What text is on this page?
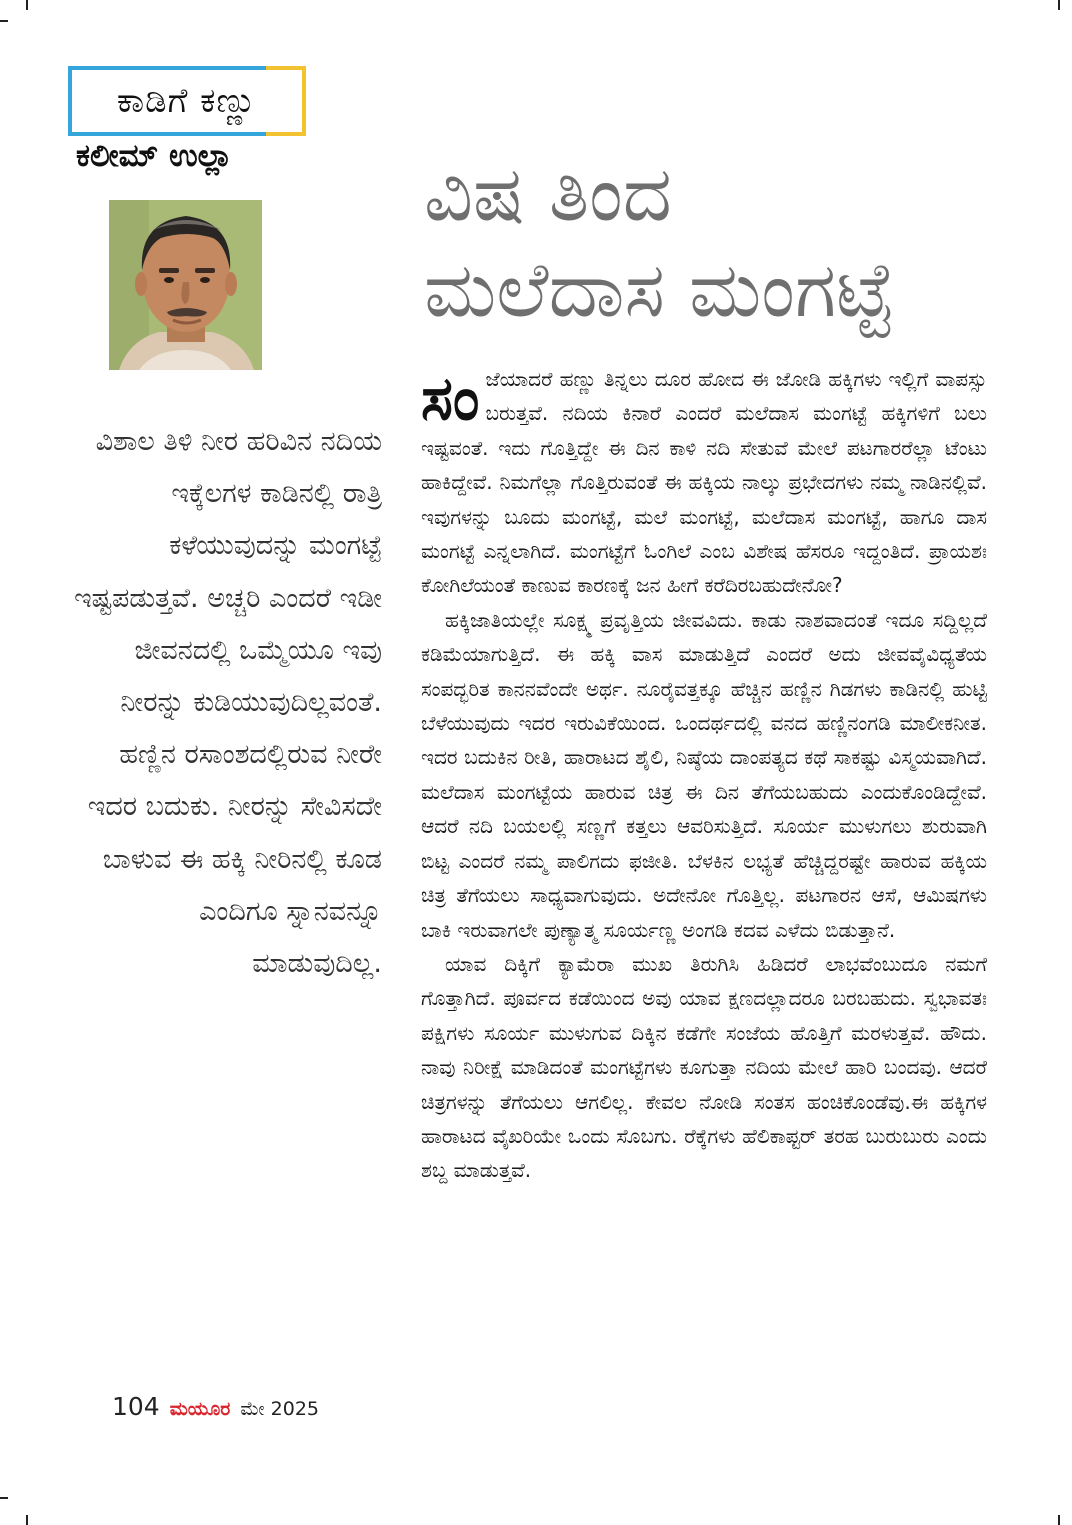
ಕಾಡಿಗೆ ಕಣ್ಣು
ಕಲೀಮ್ ಉಲ್ಲಾ	ವಿಷ ತಿಂದ
ಮಲೆದಾಸ ಮಂಗಟ್ಟೆ
ವಿಶಾಲ ತಿಳಿ ನೀರ ಹರಿವಿನ ನದಿಯ ಇಕ್ಕೆಲಗಳ ಕಾಡಿನಲ್ಲಿ ರಾತ್ರಿ ಕಳೆಯುವುದನ್ನು ಮಂಗಟ್ಟೆ ಇಷ್ಟಪಡುತ್ತವೆ. ಅಚ್ಚರಿ ಎಂದರೆ ಇಡೀ ಜೀವನದಲ್ಲಿ ಒಮ್ಮೆಯೂ ಇವು ನೀರನ್ನು ಕುಡಿಯುವುದಿಲ್ಲವಂತೆ. ಹಣ್ಣಿನ ರಸಾಂಶದಲ್ಲಿರುವ ನೀರೇ ಇದರ ಬದುಕು. ನೀರನ್ನು ಸೇವಿಸದೇ ಬಾಳುವ ಈ ಹಕ್ಕಿ ನೀರಿನಲ್ಲಿ ಕೂಡ ಎಂದಿಗೂ ಸ್ನಾನವನ್ನೂ ಮಾಡುವುದಿಲ್ಲ.

ಸಂ ಜೆಯಾದರೆ ಹಣ್ಣು ತಿನ್ನಲು ದೂರ ಹೋದ ಈ ಜೋಡಿ ಹಕ್ಕಿಗಳು ಇಲ್ಲಿಗೆ ವಾಪಸ್ಸು ಬರುತ್ತವೆ. ನದಿಯ ಕಿನಾರೆ ಎಂದರೆ ಮಲೆದಾಸ ಮಂಗಟ್ಟೆ ಹಕ್ಕಿಗಳಿಗೆ ಬಲು ಇಷ್ಟವಂತೆ. ಇದು ಗೊತ್ತಿದ್ದೇ ಈ ದಿನ ಕಾಳಿ ನದಿ ಸೇತುವೆ ಮೇಲೆ ಪಟಗಾರರೆಲ್ಲಾ ಟೆಂಟು ಹಾಕಿದ್ದೇವೆ. ನಿಮಗೆಲ್ಲಾ ಗೊತ್ತಿರುವಂತೆ ಈ ಹಕ್ಕಿಯ ನಾಲ್ಕು ಪ್ರಭೇದಗಳು ನಮ್ಮ ನಾಡಿನಲ್ಲಿವೆ. ಇವುಗಳನ್ನು ಬೂದು ಮಂಗಟ್ಟೆ, ಮಲೆ ಮಂಗಟ್ಟೆ, ಮಲೆದಾಸ ಮಂಗಟ್ಟೆ, ಹಾಗೂ ದಾಸ ಮಂಗಟ್ಟೆ ಎನ್ನಲಾಗಿದೆ. ಮಂಗಟ್ಟೆಗೆ ಓಂಗಿಲೆ ಎಂಬ ವಿಶೇಷ ಹೆಸರೂ ಇದ್ದಂತಿದೆ. ಪ್ರಾಯಶಃ ಕೋಗಿಲೆಯಂತೆ ಕಾಣುವ ಕಾರಣಕ್ಕೆ ಜನ ಹೀಗೆ ಕರೆದಿರಬಹುದೇನೋ?

ಹಕ್ಕಿಜಾತಿಯಲ್ಲೇ ಸೂಕ್ಷ್ಮ ಪ್ರವೃತ್ತಿಯ ಜೀವವಿದು. ಕಾಡು ನಾಶವಾದಂತೆ ಇದೂ ಸದ್ದಿಲ್ಲದೆ ಕಡಿಮೆಯಾಗುತ್ತಿದೆ. ಈ ಹಕ್ಕಿ ವಾಸ ಮಾಡುತ್ತಿದೆ ಎಂದರೆ ಅದು ಜೀವವೈವಿಧ್ಯತೆಯ ಸಂಪದ್ಭರಿತ ಕಾನನವೆಂದೇ ಅರ್ಥ. ನೂರೈವತ್ತಕ್ಕೂ ಹೆಚ್ಚಿನ ಹಣ್ಣಿನ ಗಿಡಗಳು ಕಾಡಿನಲ್ಲಿ ಹುಟ್ಟಿ ಬೆಳೆಯುವುದು ಇದರ ಇರುವಿಕೆಯಿಂದ. ಒಂದರ್ಥದಲ್ಲಿ ವನದ ಹಣ್ಣಿನಂಗಡಿ ಮಾಲೀಕನೀತ. ಇದರ ಬದುಕಿನ ರೀತಿ, ಹಾರಾಟದ ಶೈಲಿ, ನಿಷ್ಠೆಯ ದಾಂಪತ್ಯದ ಕಥೆ ಸಾಕಷ್ಟು ವಿಸ್ಮಯವಾಗಿದೆ. ಮಲೆದಾಸ ಮಂಗಟ್ಟೆಯ ಹಾರುವ ಚಿತ್ರ ಈ ದಿನ ತೆಗೆಯಬಹುದು ಎಂದುಕೊಂಡಿದ್ದೇವೆ. ಆದರೆ ನದಿ ಬಯಲಲ್ಲಿ ಸಣ್ಣಗೆ ಕತ್ತಲು ಆವರಿಸುತ್ತಿದೆ. ಸೂರ್ಯ ಮುಳುಗಲು ಶುರುವಾಗಿ ಬಿಟ್ಟ ಎಂದರೆ ನಮ್ಮ ಪಾಲಿಗದು ಫಜೀತಿ. ಬೆಳಕಿನ ಲಭ್ಯತೆ ಹೆಚ್ಚಿದ್ದರಷ್ಟೇ ಹಾರುವ ಹಕ್ಕಿಯ ಚಿತ್ರ ತೆಗೆಯಲು ಸಾಧ್ಯವಾಗುವುದು. ಅದೇನೋ ಗೊತ್ತಿಲ್ಲ. ಪಟಗಾರನ ಆಸೆ, ಆಮಿಷಗಳು ಬಾಕಿ ಇರುವಾಗಲೇ ಪುಣ್ಯಾತ್ಮ ಸೂರ್ಯಣ್ಣ ಅಂಗಡಿ ಕದವ ಎಳೆದು ಬಿಡುತ್ತಾನೆ.

ಯಾವ ದಿಕ್ಕಿಗೆ ಕ್ಯಾಮೆರಾ ಮುಖ ತಿರುಗಿಸಿ ಹಿಡಿದರೆ ಲಾಭವೆಂಬುದೂ ನಮಗೆ ಗೊತ್ತಾಗಿದೆ. ಪೂರ್ವದ ಕಡೆಯಿಂದ ಅವು ಯಾವ ಕ್ಷಣದಲ್ಲಾದರೂ ಬರಬಹುದು. ಸ್ವಭಾವತಃ ಪಕ್ಷಿಗಳು ಸೂರ್ಯ ಮುಳುಗುವ ದಿಕ್ಕಿನ ಕಡೆಗೇ ಸಂಜೆಯ ಹೊತ್ತಿಗೆ ಮರಳುತ್ತವೆ. ಹೌದು. ನಾವು ನಿರೀಕ್ಷೆ ಮಾಡಿದಂತೆ ಮಂಗಟ್ಟೆಗಳು ಕೂಗುತ್ತಾ ನದಿಯ ಮೇಲೆ ಹಾರಿ ಬಂದವು. ಆದರೆ ಚಿತ್ರಗಳನ್ನು ತೆಗೆಯಲು ಆಗಲಿಲ್ಲ. ಕೇವಲ ನೋಡಿ ಸಂತಸ ಹಂಚಿಕೊಂಡೆವು.ಈ ಹಕ್ಕಿಗಳ ಹಾರಾಟದ ವೈಖರಿಯೇ ಒಂದು ಸೊಬಗು. ರೆಕ್ಕೆಗಳು ಹೆಲಿಕಾಪ್ಟರ್ ತರಹ ಬುರುಬುರು ಎಂದು ಶಬ್ದ ಮಾಡುತ್ತವೆ.

104 ಮಯೂರ ಮೇ 2025
